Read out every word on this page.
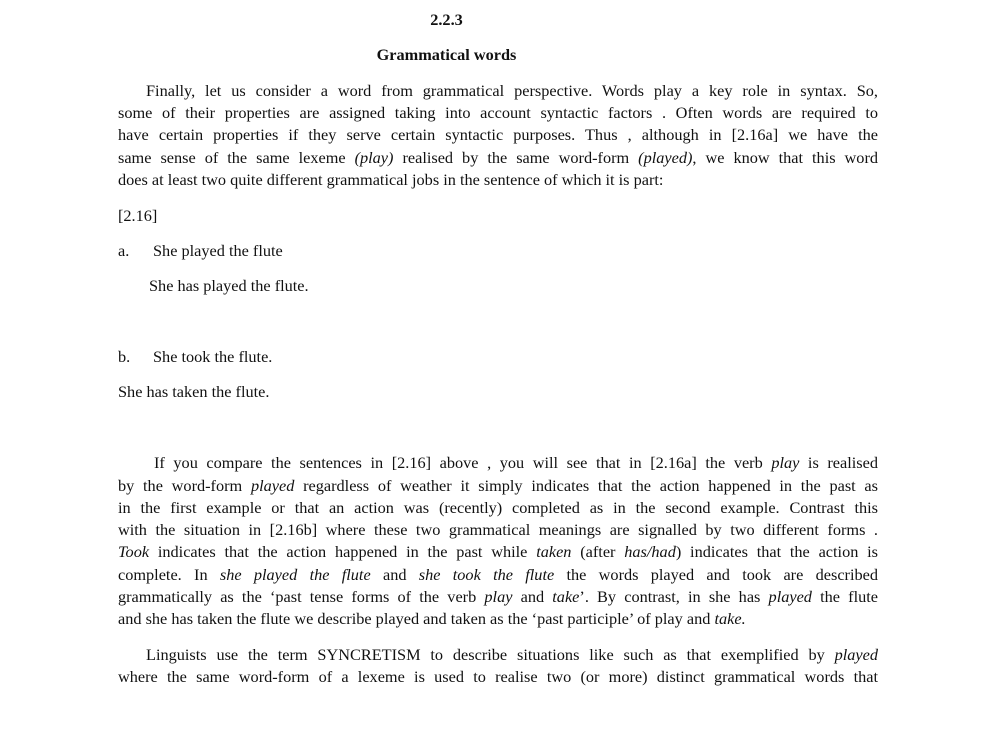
2.2.3
Grammatical words
Finally, let us consider a word from grammatical perspective. Words play a key role in syntax. So,
some of their properties are assigned taking into account syntactic factors . Often words are required to
have certain properties if they serve certain syntactic purposes. Thus , although in [2.16a] we have the
same sense of the same lexeme (play) realised by the same word-form (played), we know that this word
does at least two quite different grammatical jobs in the sentence of which it is part:
[2.16]
a. She played the flute
She has played the flute.
b. She took the flute.
She has taken the flute.
If you compare the sentences in [2.16] above , you will see that in [2.16a] the verb play is realised
by the word-form played regardless of weather it simply indicates that the action happened in the past as
in the first example or that an action was (recently) completed as in the second example. Contrast this
with the situation in [2.16b] where these two grammatical meanings are signalled by two different forms .
Took indicates that the action happened in the past while taken (after has/had) indicates that the action is
complete. In she played the flute and she took the flute the words played and took are described
grammatically as the ‘past tense forms of the verb play and take’. By contrast, in she has played the flute
and she has taken the flute we describe played and taken as the ‘past participle’ of play and take.
Linguists use the term SYNCRETISM to describe situations like such as that exemplified by played
where the same word-form of a lexeme is used to realise two (or more) distinct grammatical words that
